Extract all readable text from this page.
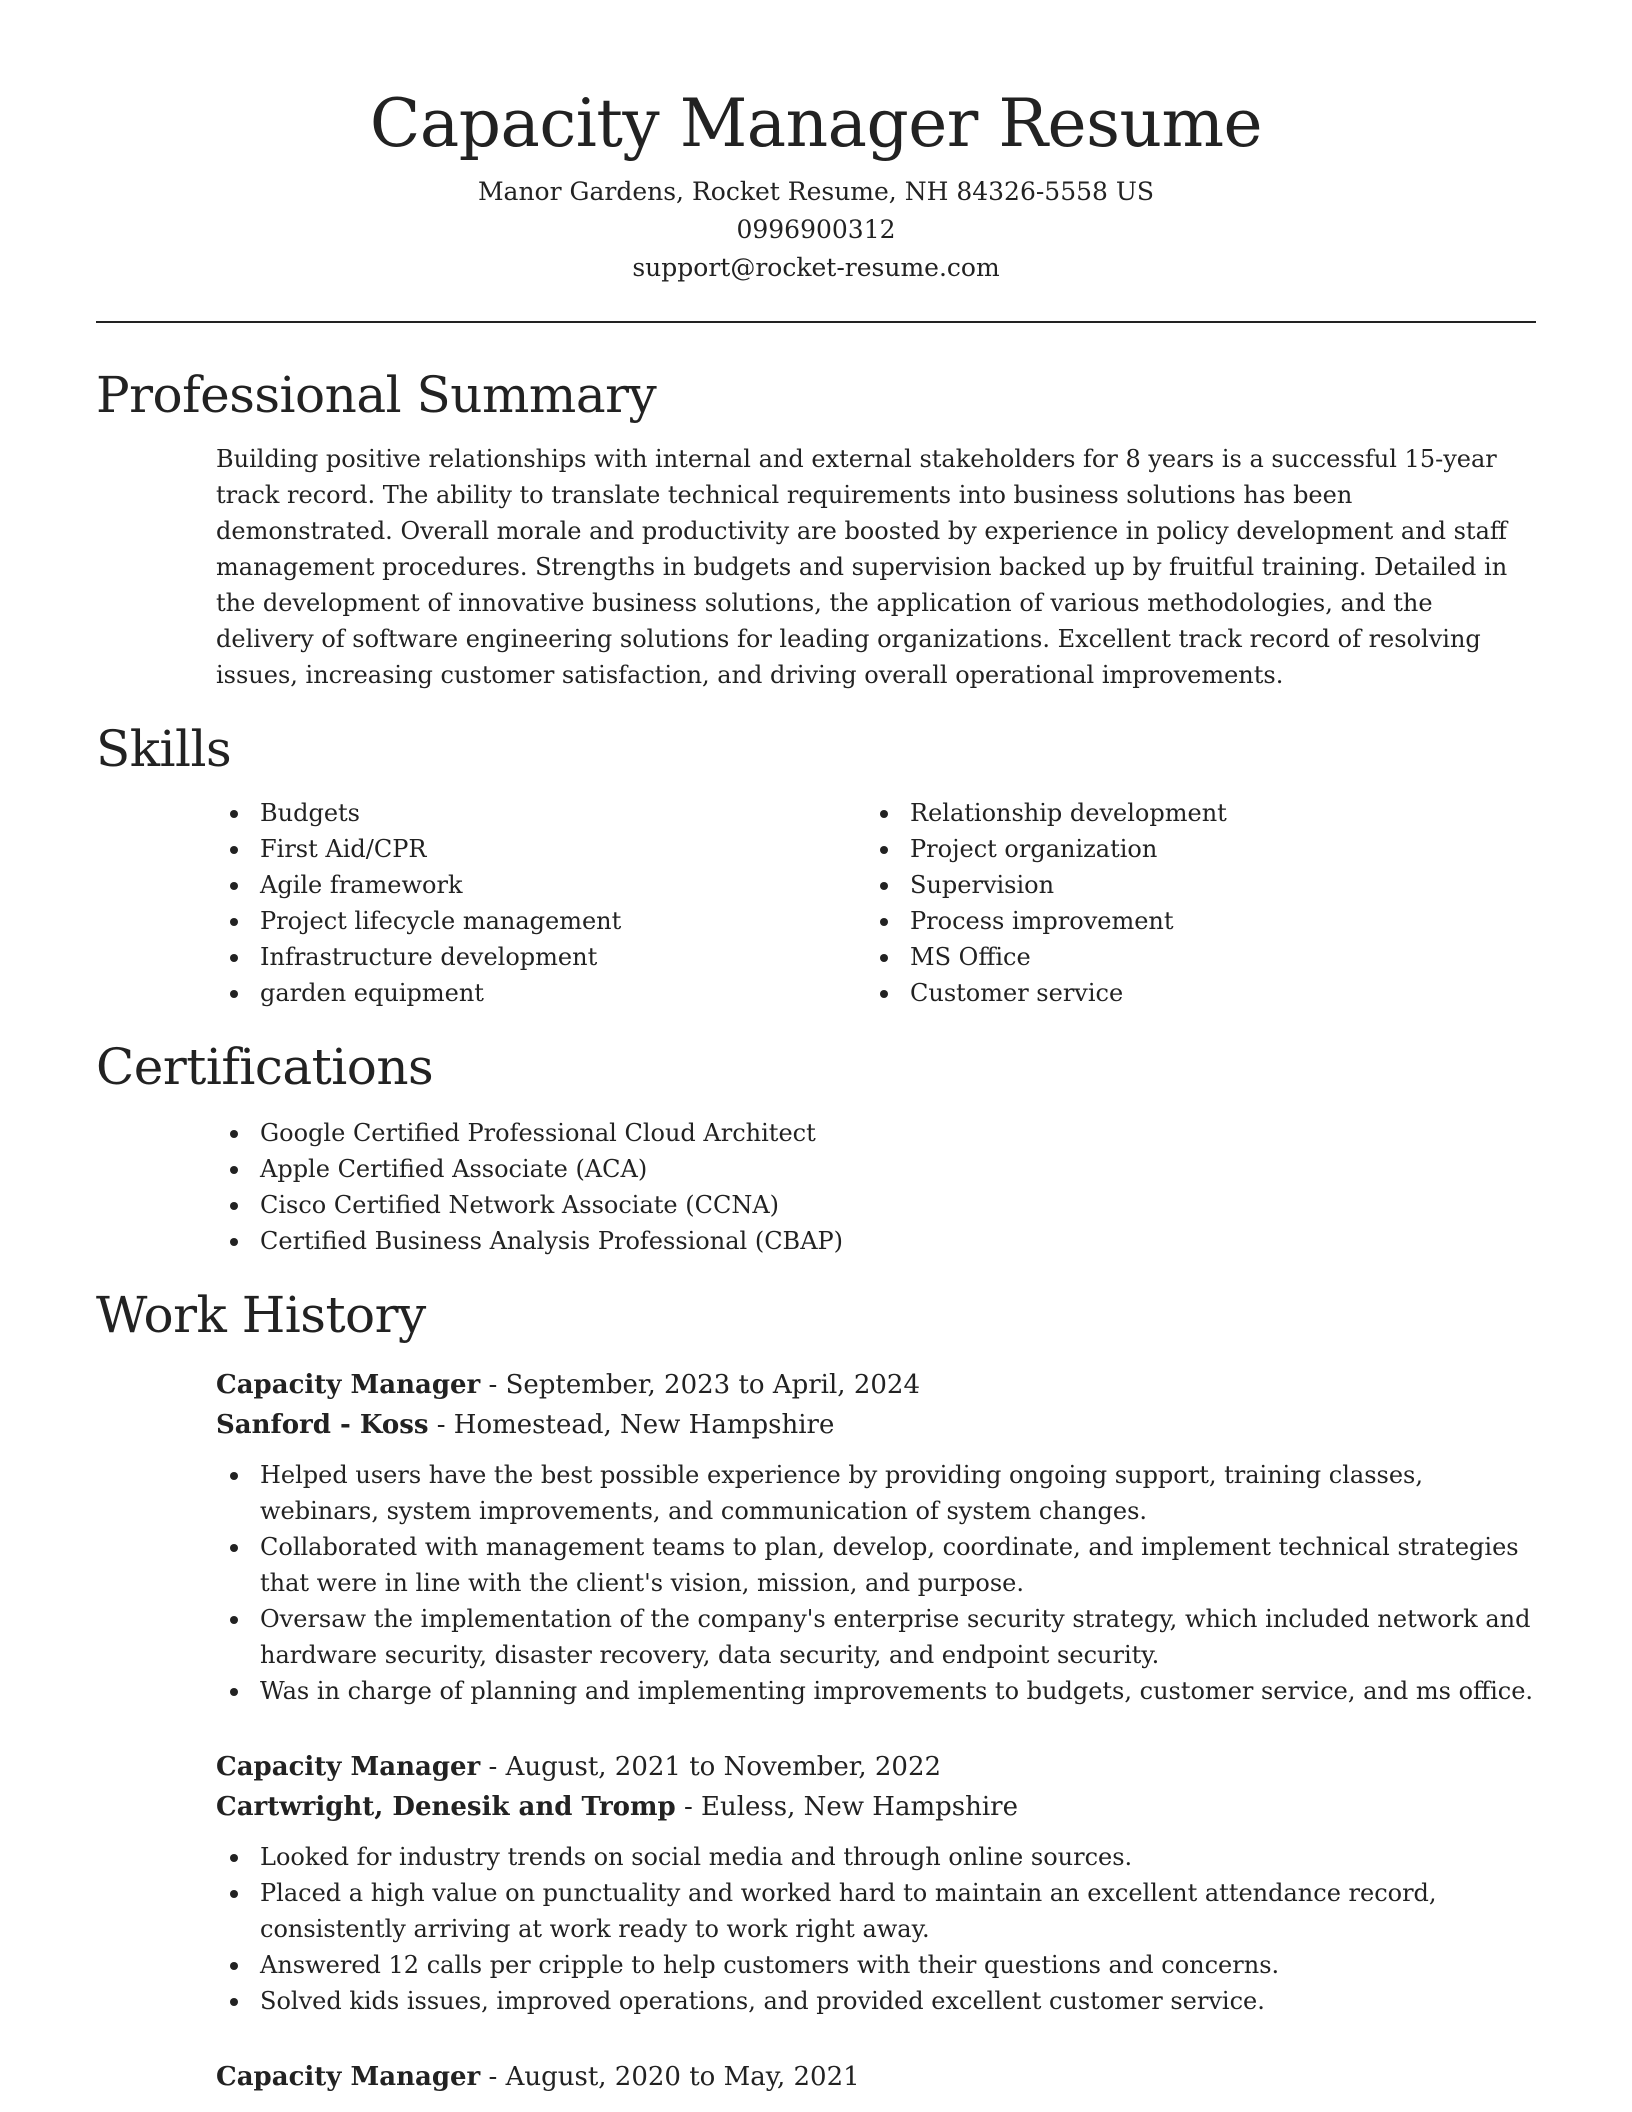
Capacity Manager Resume
Manor Gardens, Rocket Resume, NH 84326-5558 US
0996900312
support@rocket-resume.com
Professional Summary

Building positive relationships with internal and external stakeholders for 8 years is a successful 15-year track record. The ability to translate technical requirements into business solutions has been demonstrated. Overall morale and productivity are boosted by experience in policy development and staff management procedures. Strengths in budgets and supervision backed up by fruitful training. Detailed in the development of innovative business solutions, the application of various methodologies, and the delivery of software engineering solutions for leading organizations. Excellent track record of resolving issues, increasing customer satisfaction, and driving overall operational improvements.

Skills
Budgets
First Aid/CPR
Agile framework
Project lifecycle management
Infrastructure development
garden equipment
Relationship development
Project organization
Supervision
Process improvement
MS Office
Customer service
Certifications
Google Certified Professional Cloud Architect
Apple Certified Associate (ACA)
Cisco Certified Network Associate (CCNA)
Certified Business Analysis Professional (CBAP)
Work History
Capacity Manager - September, 2023 to April, 2024
Sanford - Koss - Homestead, New Hampshire
Helped users have the best possible experience by providing ongoing support, training classes, webinars, system improvements, and communication of system changes.
Collaborated with management teams to plan, develop, coordinate, and implement technical strategies that were in line with the client's vision, mission, and purpose.
Oversaw the implementation of the company's enterprise security strategy, which included network and hardware security, disaster recovery, data security, and endpoint security.
Was in charge of planning and implementing improvements to budgets, customer service, and ms office.
Capacity Manager - August, 2021 to November, 2022
Cartwright, Denesik and Tromp - Euless, New Hampshire
Looked for industry trends on social media and through online sources.
Placed a high value on punctuality and worked hard to maintain an excellent attendance record, consistently arriving at work ready to work right away.
Answered 12 calls per cripple to help customers with their questions and concerns.
Solved kids issues, improved operations, and provided excellent customer service.
Capacity Manager - August, 2020 to May, 2021
